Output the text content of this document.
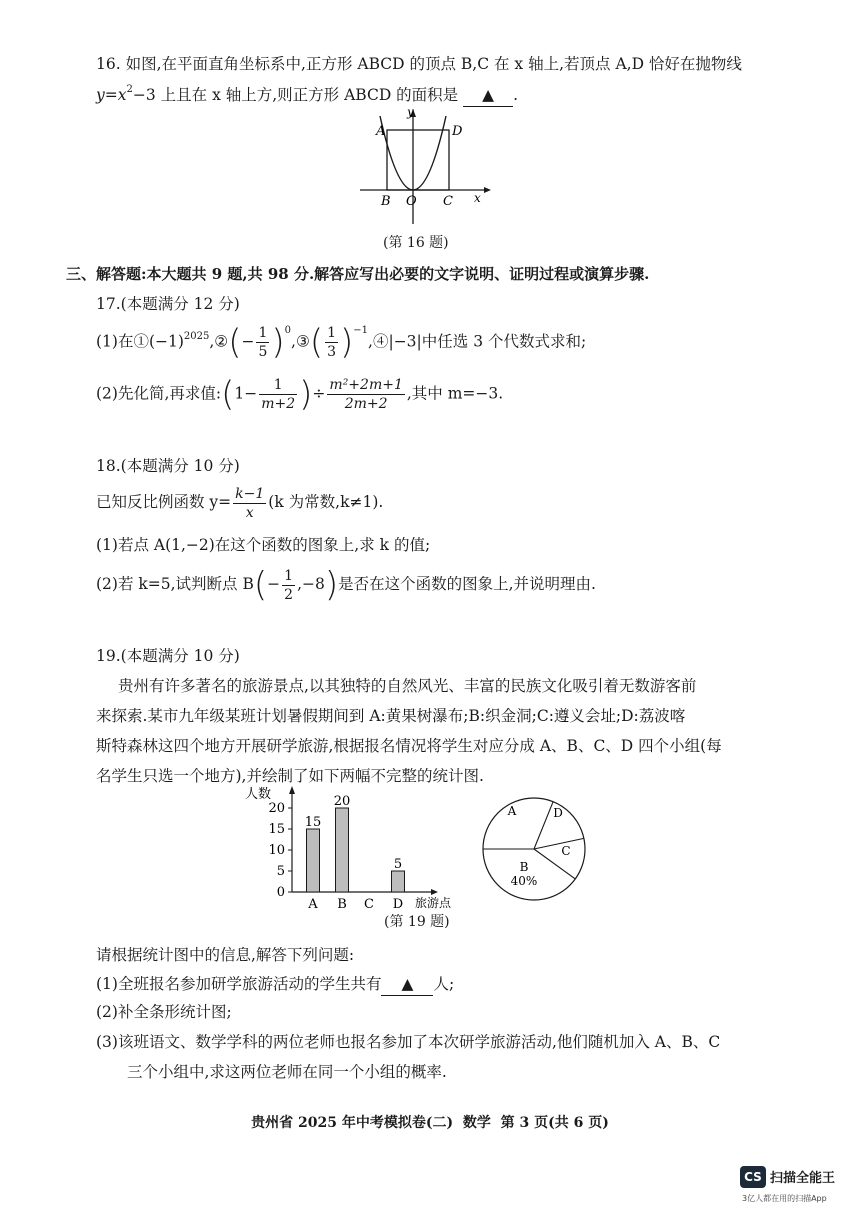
16. 如图,在平面直角坐标系中,正方形 ABCD 的顶点 B,C 在 x 轴上,若顶点 A,D 恰好在抛物线
$y=x^2-3$ 上且在 x 轴上方,则正方形 ABCD 的面积是 ▲ .
A	D
B O C x
y
(第 16 题)
三、解答题:本大题共 9 题,共 98 分.解答应写出必要的文字说明、证明过程或演算步骤.
17.(本题满分 12 分)
(1)在$①(-1)^{2025},②(- \frac{1}{5}$ )$^0$,③( $\frac{1}{3}$ )$^{-1}$,④|−3|中任选 3 个代数式求和;
(2)先化简,再求值:(1− $\frac{1}{m+2}$ )÷ $\frac{\text{m²+2m+1}}{2m+2}$ ,其中 m=−3.
18.(本题满分 10 分)
已知反比例函数 $y= \frac{k-1}{x} (k$ 为常数,k≠1).
(1)若点 A(1,−2)在这个函数的图象上,求 k 的值;
(2)若 k=5,试判断点 $B(- \frac{1}{2} ,-8)$是否在这个函数的图象上,并说明理由.
19.(本题满分 10 分)
贵州有许多著名的旅游景点,以其独特的自然风光、丰富的民族文化吸引着无数游客前
来探索.某市九年级某班计划暑假期间到 A:黄果树瀑布;B:织金洞;C:遵义会址;D:荔波喀
斯特森林这四个地方开展研学旅游,根据报名情况将学生对应分成 A、B、C、D 四个小组(每
名学生只选一个地方),并绘制了如下两幅不完整的统计图.
人数
0
5
10
15
20
15
A
20
B C
5
D 旅游点
A	D
C
B
40%
(第 19 题)
请根据统计图中的信息,解答下列问题:
(1)全班报名参加研学旅游活动的学生共有 ▲ 人;
(2)补全条形统计图;
(3)该班语文、数学学科的两位老师也报名参加了本次研学旅游活动,他们随机加入 A、B、C
三个小组中,求这两位老师在同一个小组的概率.
贵州省 2025 年中考模拟卷(二)  数学  第 3 页(共 6 页)
CS 扫描全能王
3亿人都在用的扫描App
